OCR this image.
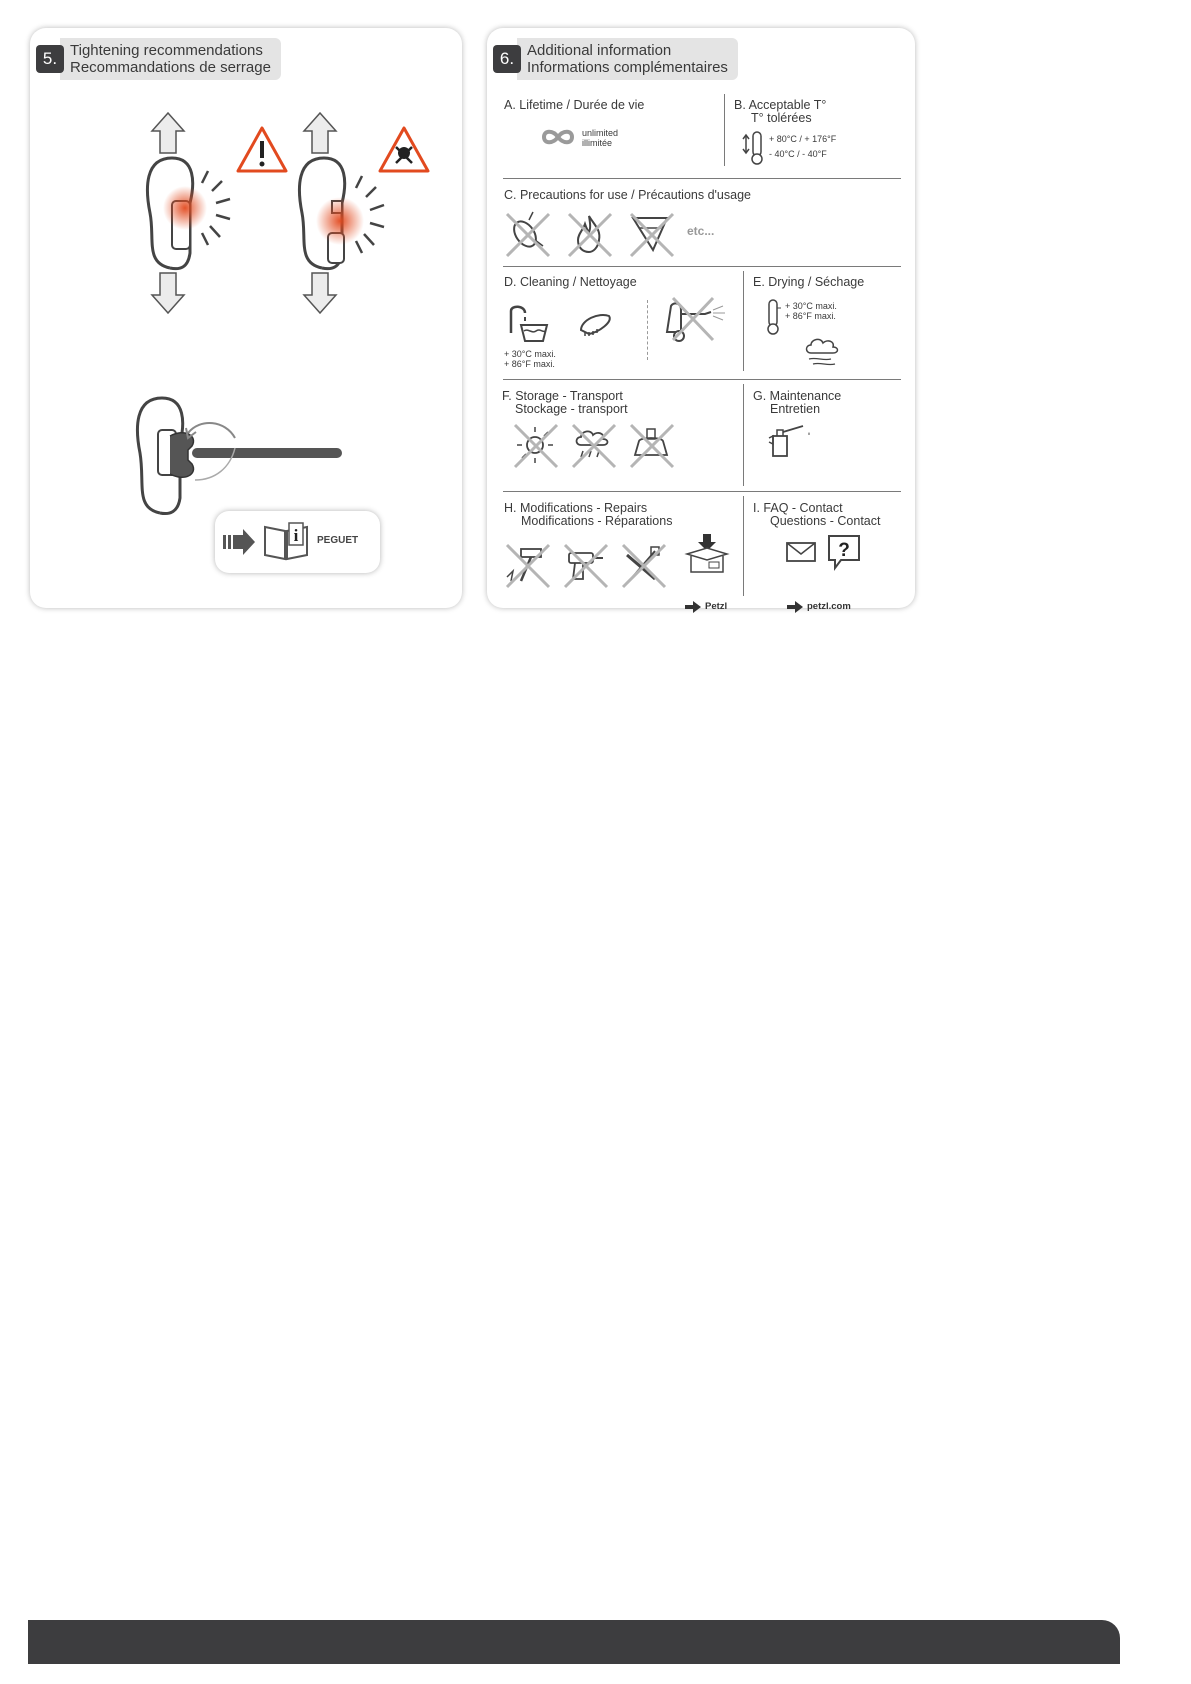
5. Tightening recommendations
Recommandations de serrage
i PEGUET
6. Additional information
Informations complémentaires
A. Lifetime / Durée de vie
unlimited
illimitée
B. Acceptable T°
T° tolérées
+ 80°C / + 176°F
- 40°C / - 40°F
C. Precautions for use / Précautions d'usage
etc...
D. Cleaning / Nettoyage
+ 30°C maxi.
+ 86°F maxi.
E. Drying / Séchage
+ 30°C maxi.
+ 86°F maxi.
F. Storage - Transport
Stockage - transport
G. Maintenance
Entretien
H. Modifications - Repairs
Modifications - Réparations
Petzl
I. FAQ - Contact
Questions - Contact
?
petzl.com
